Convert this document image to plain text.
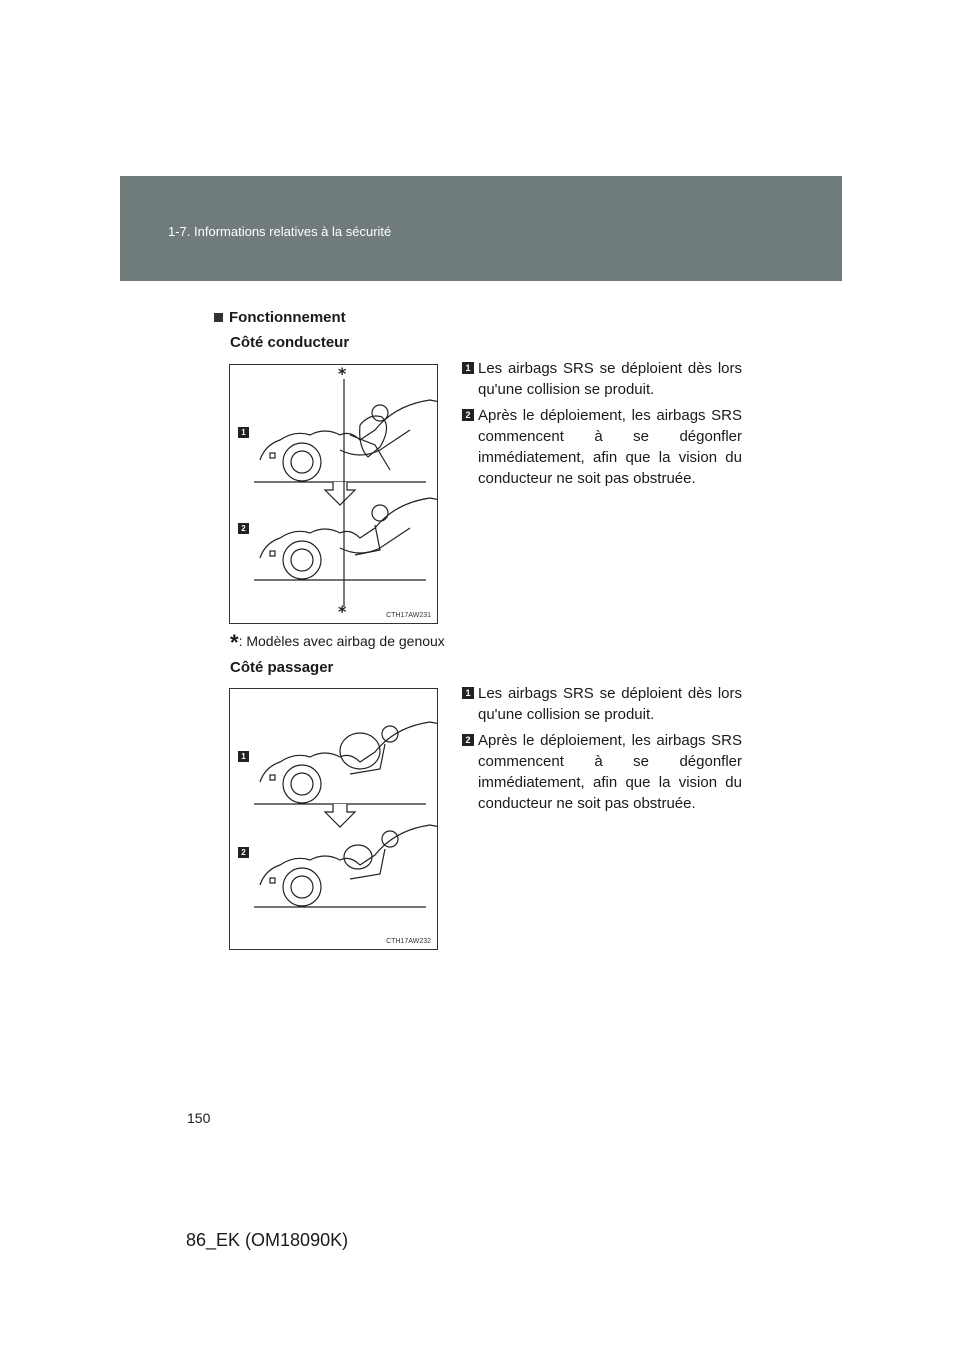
1-7. Informations relatives à la sécurité
Fonctionnement
Côté conducteur
*
*
1
2
CTH17AW231
1 Les airbags SRS se déploient dès lors qu'une collision se produit.
2 Après le déploiement, les airbags SRS commencent à se dégonfler immédiatement, afin que la vision du conducteur ne soit pas obstruée.
*: Modèles avec airbag de genoux
Côté passager
1
2
CTH17AW232
1 Les airbags SRS se déploient dès lors qu'une collision se produit.
2 Après le déploiement, les airbags SRS commencent à se dégonfler immédiatement, afin que la vision du conducteur ne soit pas obstruée.
150
86_EK (OM18090K)
